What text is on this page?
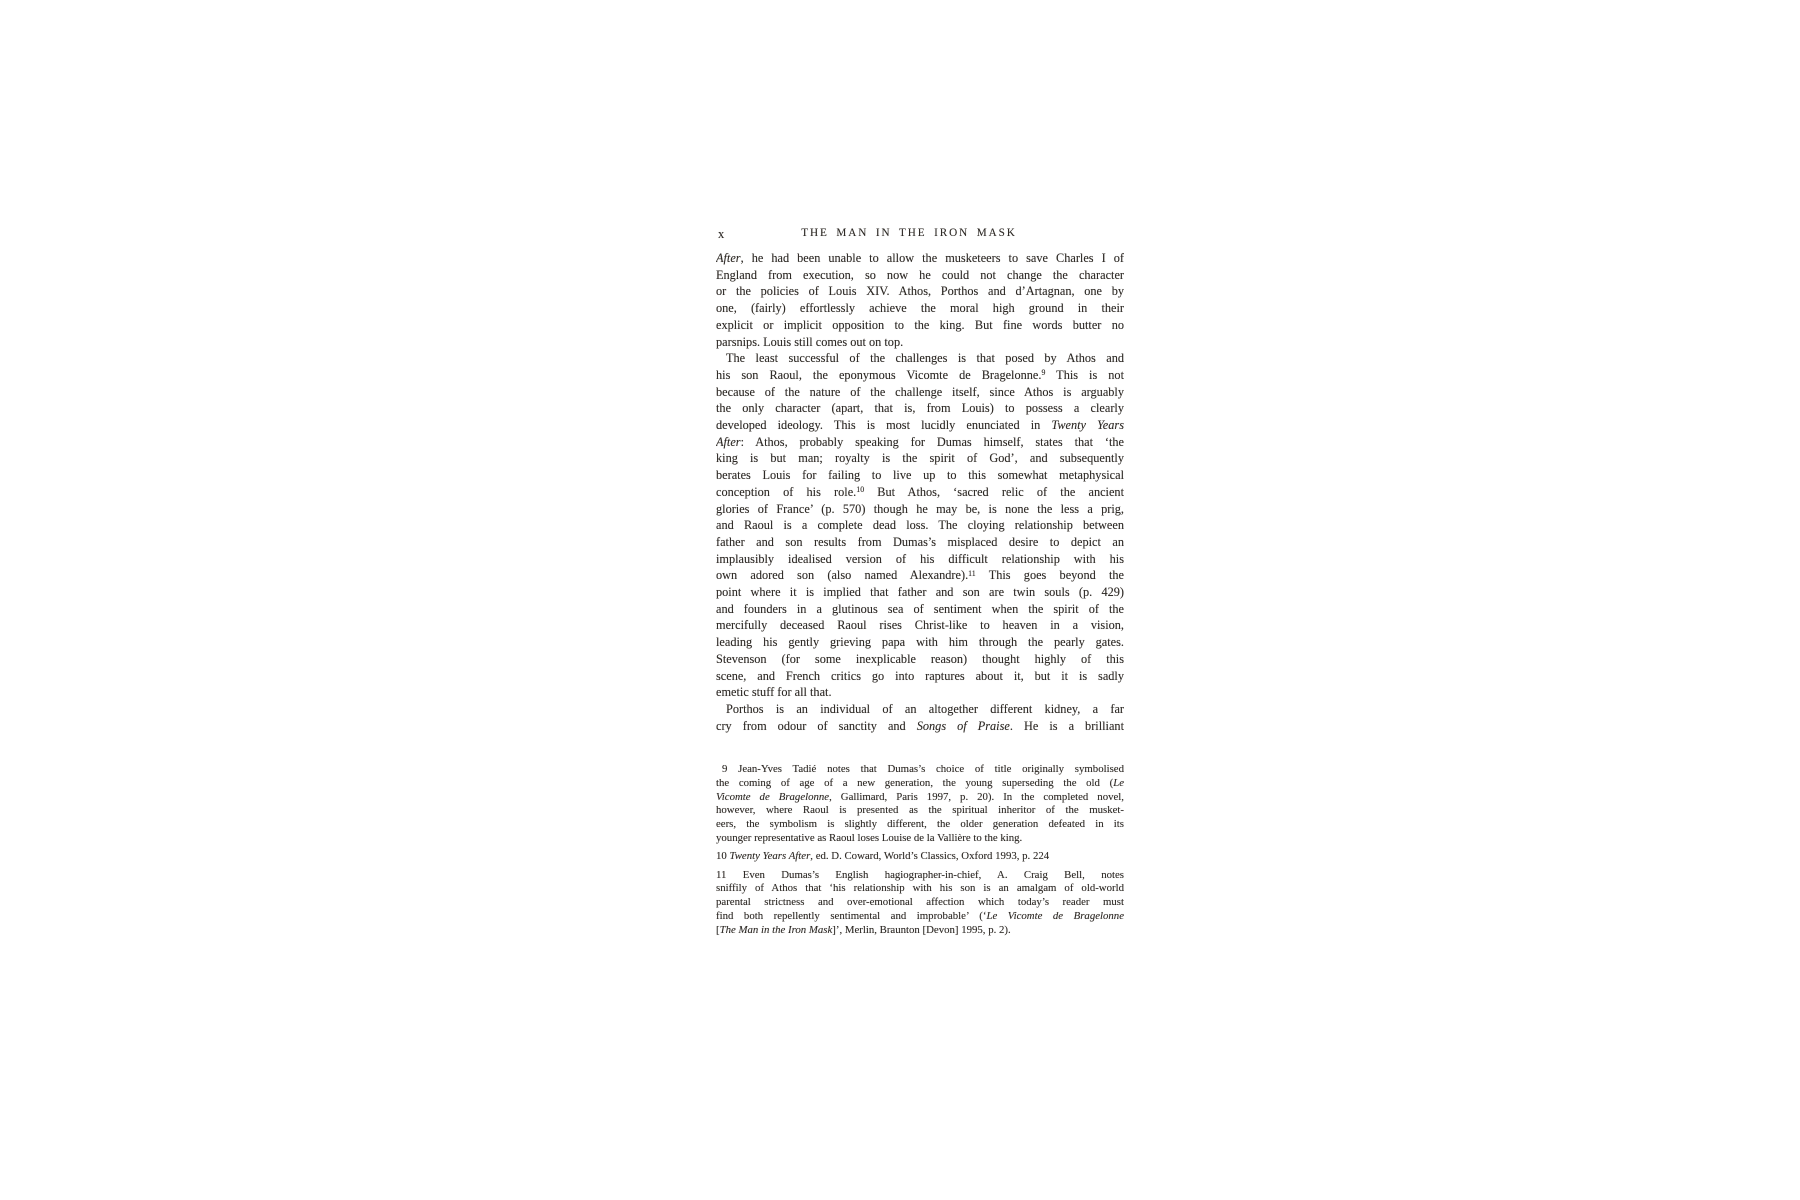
x	THE MAN IN THE IRON MASK
After, he had been unable to allow the musketeers to save Charles I of
England from execution, so now he could not change the character
or the policies of Louis XIV. Athos, Porthos and d’Artagnan, one by
one, (fairly) effortlessly achieve the moral high ground in their
explicit or implicit opposition to the king. But fine words butter no
parsnips. Louis still comes out on top.
The least successful of the challenges is that posed by Athos and
his son Raoul, the eponymous Vicomte de Bragelonne.$^9$ This is not
because of the nature of the challenge itself, since Athos is arguably
the only character (apart, that is, from Louis) to possess a clearly
developed ideology. This is most lucidly enunciated in Twenty Years
After: Athos, probably speaking for Dumas himself, states that ‘the
king is but man; royalty is the spirit of God’, and subsequently
berates Louis for failing to live up to this somewhat metaphysical
conception of his role.$^{10}$ But Athos, ‘sacred relic of the ancient
glories of France’ (p. 570) though he may be, is none the less a prig,
and Raoul is a complete dead loss. The cloying relationship between
father and son results from Dumas’s misplaced desire to depict an
implausibly idealised version of his difficult relationship with his
own adored son (also named Alexandre).$^{11}$ This goes beyond the
point where it is implied that father and son are twin souls (p. 429)
and founders in a glutinous sea of sentiment when the spirit of the
mercifully deceased Raoul rises Christ-like to heaven in a vision,
leading his gently grieving papa with him through the pearly gates.
Stevenson (for some inexplicable reason) thought highly of this
scene, and French critics go into raptures about it, but it is sadly
emetic stuff for all that.
Porthos is an individual of an altogether different kidney, a far
cry from odour of sanctity and Songs of Praise. He is a brilliant
9 Jean-Yves Tadié notes that Dumas’s choice of title originally symbolised
the coming of age of a new generation, the young superseding the old (Le
Vicomte de Bragelonne, Gallimard, Paris 1997, p. 20). In the completed novel,
however, where Raoul is presented as the spiritual inheritor of the musket-
eers, the symbolism is slightly different, the older generation defeated in its
younger representative as Raoul loses Louise de la Vallière to the king.
10 Twenty Years After, ed. D. Coward, World’s Classics, Oxford 1993, p. 224
11 Even Dumas’s English hagiographer-in-chief, A. Craig Bell, notes
sniffily of Athos that ‘his relationship with his son is an amalgam of old-world
parental strictness and over-emotional affection which today’s reader must
find both repellently sentimental and improbable’ (‘Le Vicomte de Bragelonne
[The Man in the Iron Mask]’, Merlin, Braunton [Devon] 1995, p. 2).
